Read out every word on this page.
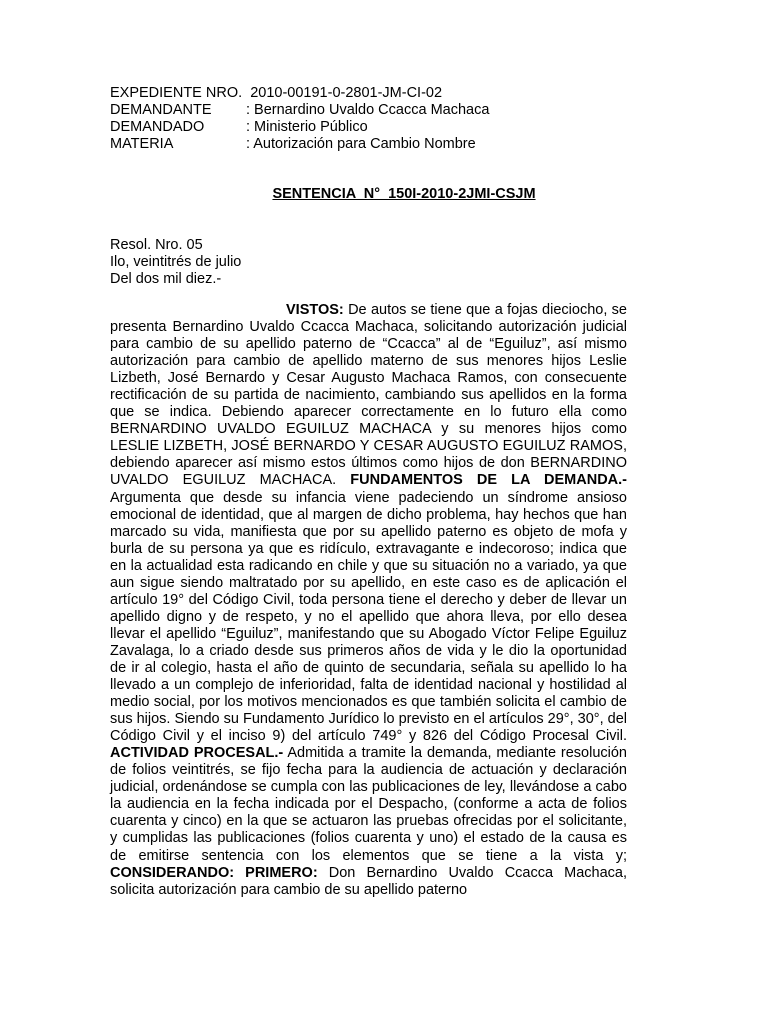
EXPEDIENTE NRO. 2010-00191-0-2801-JM-CI-02
DEMANDANTE : Bernardino Uvaldo Ccacca Machaca
DEMANDADO	: Ministerio Público
MATERIA	: Autorización para Cambio Nombre
SENTENCIA  N°  150I-2010-2JMI-CSJM
Resol. Nro. 05
Ilo, veintitrés de julio
Del dos mil diez.-
VISTOS: De autos se tiene que a fojas dieciocho, se presenta Bernardino Uvaldo Ccacca Machaca, solicitando autorización judicial para cambio de su apellido paterno de “Ccacca” al de “Eguiluz”, así mismo autorización para cambio de apellido materno de sus menores hijos Leslie Lizbeth, José Bernardo y Cesar Augusto Machaca Ramos, con consecuente rectificación de su partida de nacimiento, cambiando sus apellidos en la forma que se indica. Debiendo aparecer correctamente en lo futuro ella como BERNARDINO UVALDO EGUILUZ MACHACA y su menores hijos como LESLIE LIZBETH, JOSÉ BERNARDO Y CESAR AUGUSTO EGUILUZ RAMOS, debiendo aparecer así mismo estos últimos como hijos de don BERNARDINO UVALDO EGUILUZ MACHACA. FUNDAMENTOS DE LA DEMANDA.- Argumenta que desde su infancia viene padeciendo un síndrome ansioso emocional de identidad, que al margen de dicho problema, hay hechos que han marcado su vida, manifiesta que por su apellido paterno es objeto de mofa y burla de su persona ya que es ridículo, extravagante e indecoroso; indica que en la actualidad esta radicando en chile y que su situación no a variado, ya que aun sigue siendo maltratado por su apellido, en este caso es de aplicación el artículo 19° del Código Civil, toda persona tiene el derecho y deber de llevar un apellido digno y de respeto, y no el apellido que ahora lleva, por ello desea llevar el apellido “Eguiluz”, manifestando que su Abogado Víctor Felipe Eguiluz Zavalaga, lo a criado desde sus primeros años de vida y le dio la oportunidad de ir al colegio, hasta el año de quinto de secundaria, señala su apellido lo ha llevado a un complejo de inferioridad, falta de identidad nacional y hostilidad al medio social, por los motivos mencionados es que también solicita el cambio de sus hijos. Siendo su Fundamento Jurídico lo previsto en el artículos 29°, 30°, del Código Civil y el inciso 9) del artículo 749° y 826 del Código Procesal Civil. ACTIVIDAD PROCESAL.- Admitida a tramite la demanda, mediante resolución de folios veintitrés, se fijo fecha para la audiencia de actuación y declaración judicial, ordenándose se cumpla con las publicaciones de ley, llevándose a cabo la audiencia en la fecha indicada por el Despacho, (conforme a acta de folios cuarenta y cinco) en la que se actuaron las pruebas ofrecidas por el solicitante, y cumplidas las publicaciones (folios cuarenta y uno) el estado de la causa es de emitirse sentencia con los elementos que se tiene a la vista y; CONSIDERANDO: PRIMERO: Don Bernardino Uvaldo Ccacca Machaca, solicita autorización para cambio de su apellido paterno
